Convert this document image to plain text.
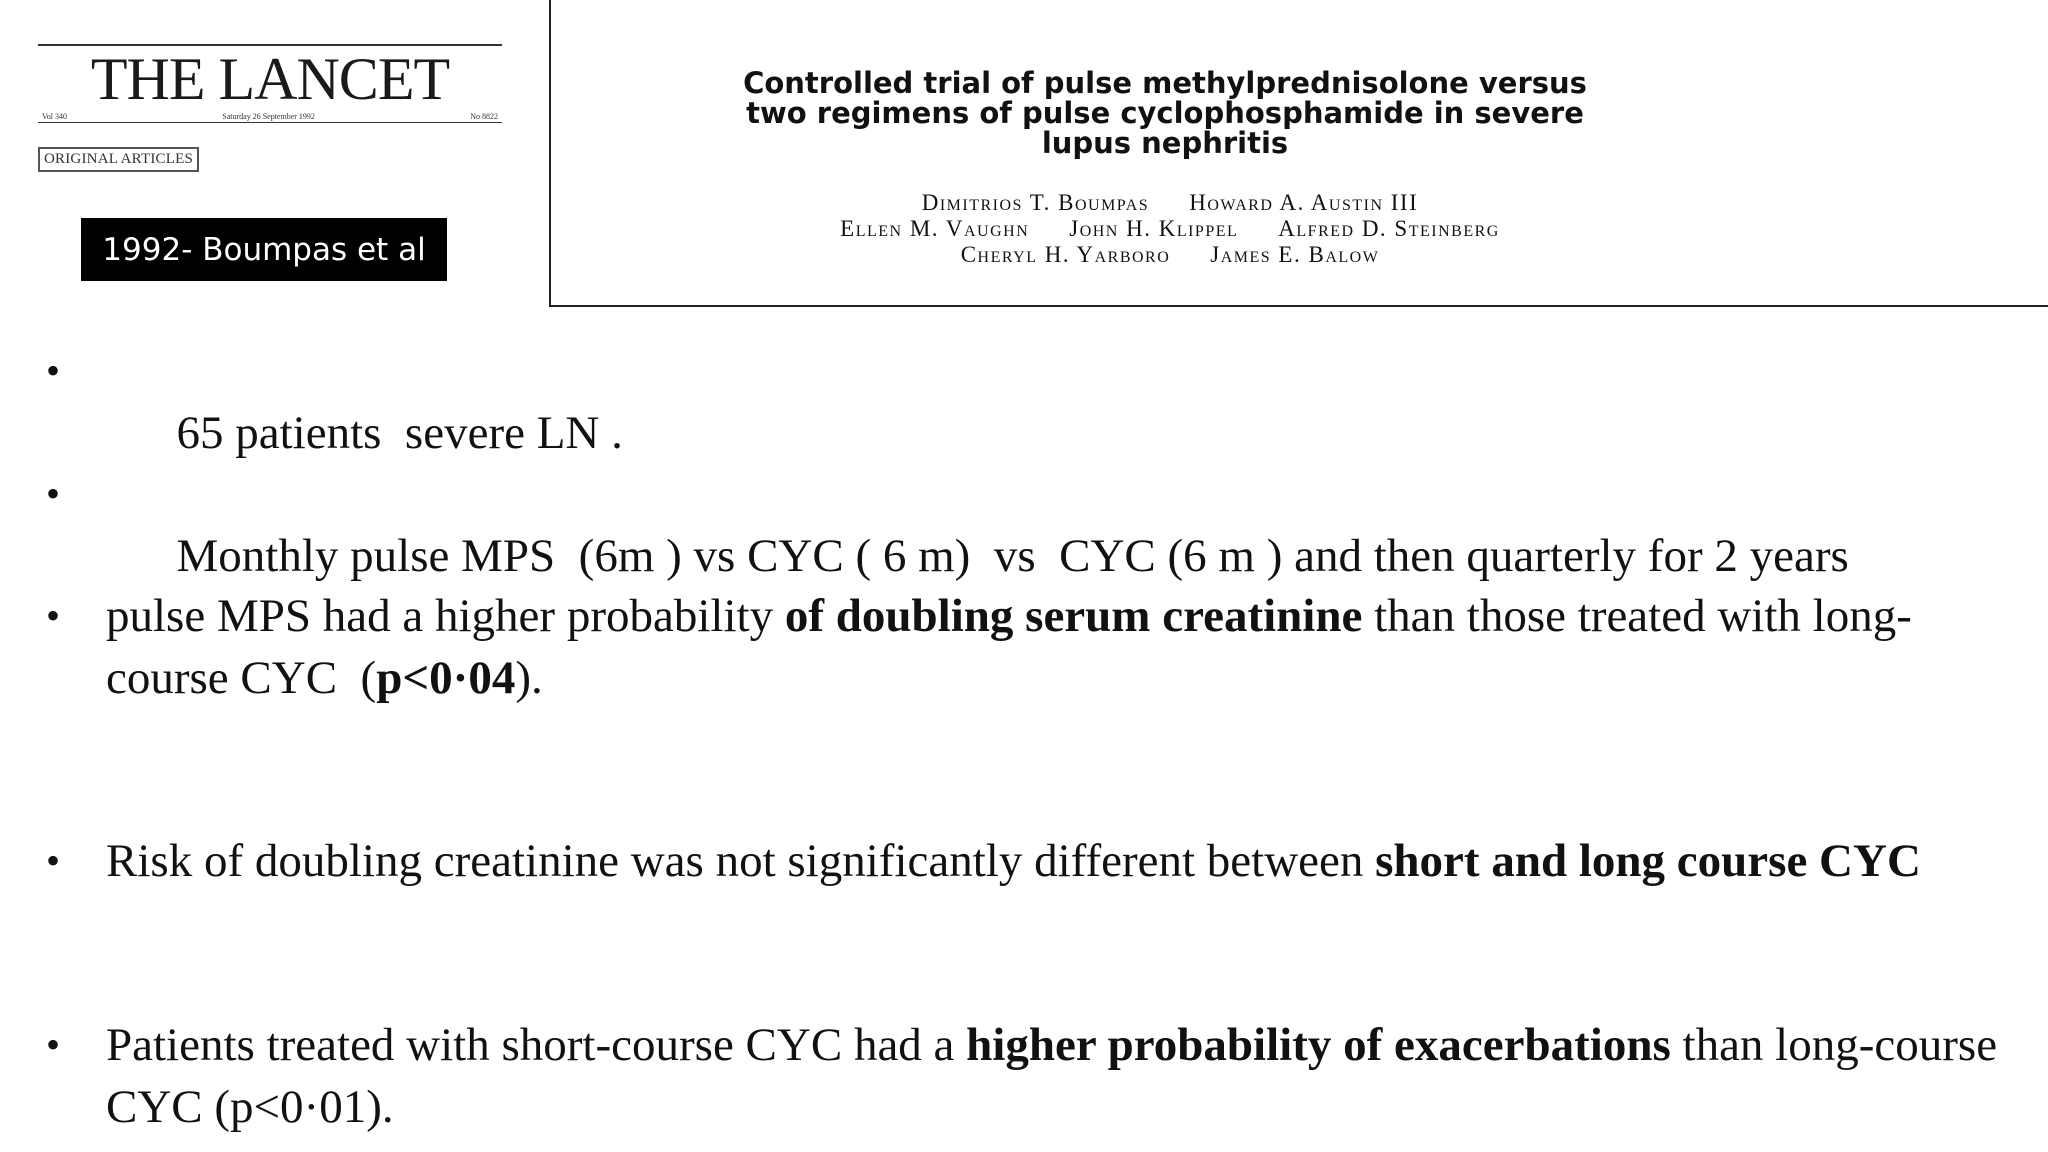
THE LANCET
Vol 340	Saturday 26 September 1992	No 8822
ORIGINAL ARTICLES
1992- Boumpas et al
Controlled trial of pulse methylprednisolone versus
two regimens of pulse cyclophosphamide in severe
lupus nephritis
Dimitrios T. Boumpas Howard A. Austin III
Ellen M. Vaughn John H. Klippel Alfred D. Steinberg
Cheryl H. Yarboro James E. Balow
•

65 patients  severe LN .

•

Monthly pulse MPS  (6m ) vs CYC ( 6 m)  vs  CYC (6 m ) and then quarterly for 2 years

• pulse MPS had a higher probability of doubling serum creatinine than those treated with long-course CYC  (p<0·04).
• Risk of doubling creatinine was not significantly different between short and long course CYC
• Patients treated with short-course CYC had a higher probability of exacerbations than long-course CYC (p<0·01).
